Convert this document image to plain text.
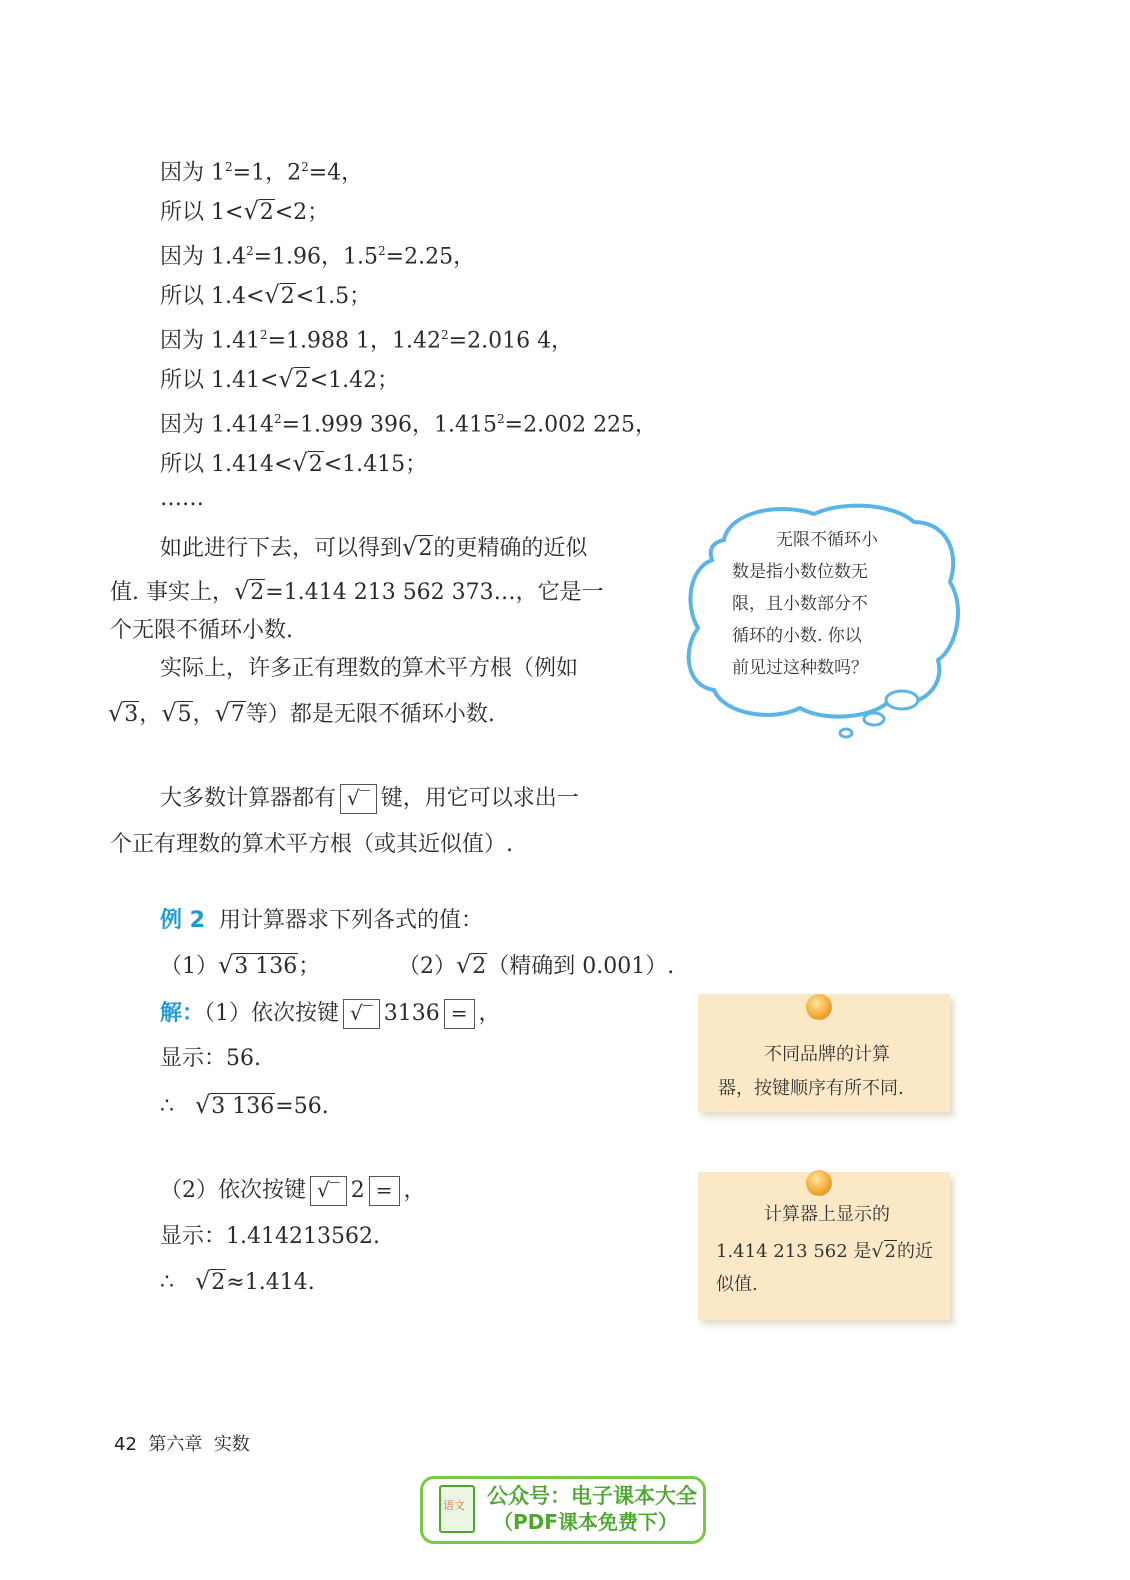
因为 $1^2=1$，$2^2=4$，
所以 1<√2<2；
因为 $1.4^2=1.96$，$1.5^2=2.25$，
所以 1.4<√2<1.5；
因为 $1.41^2=1.988$ 1，$1.42^2=2.016$ 4，
所以 1.41<√2<1.42；
因为 $1.414^2=1.999$ 396，$1.415^2=2.002$ 225，
所以 1.414<√2<1.415；
……
如此进行下去，可以得到√2的更精确的近似
值. 事实上，√2=1.414 213 562 373…，它是一
个无限不循环小数.
实际上，许多正有理数的算术平方根（例如
√3，√5，√7等）都是无限不循环小数.
无限不循环小
数是指小数位数无
限，且小数部分不
循环的小数. 你以
前见过这种数吗？
大多数计算器都有 √‾ 键，用它可以求出一
个正有理数的算术平方根（或其近似值）.
例 2 用计算器求下列各式的值：
（1）√3 136；	（2）√2（精确到 0.001）.
解：（1）依次按键 √‾ 3136 = ，
显示：56.
∴ √3 136=56.
（2）依次按键 √‾ 2 = ，
显示：1.414213562.
∴ √2≈1.414.
不同品牌的计算
器，按键顺序有所不同.
计算器上显示的
1.414 213 562 是√2的近
似值.
42 第六章 实数
语文 公众号：电子课本大全
（PDF课本免费下）
